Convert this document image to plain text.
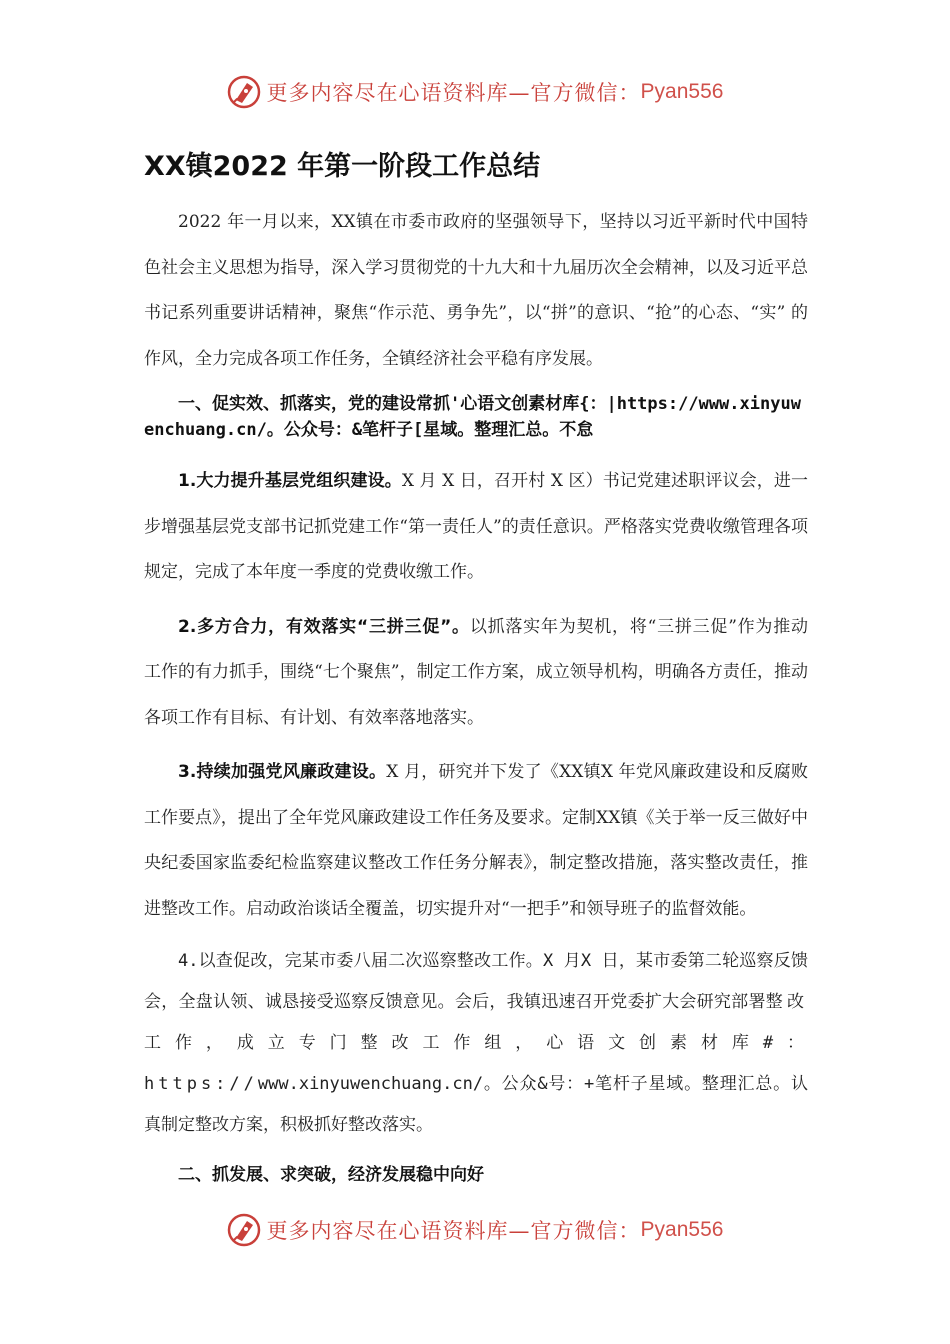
更多内容尽在心语资料库— 官方微信： Pyan556
XX镇2022 年第一阶段工作总结

2022 年一月以来，XX镇在市委市政府的坚强领导下，坚持以习近平新时代中国特色社会主义思想为指导，深入学习贯彻党的十九大和十九届历次全会精神，以及习近平总书记系列重要讲话精神，聚焦“作示范、勇争先”，以“拼”的意识、“抢”的心态、“实” 的作风，全力完成各项工作任务，全镇经济社会平稳有序发展。

一、促实效、抓落实，党的建设常抓'心语文创素材库{：|https://www.xinyuwenchuang.cn/。公众号：&笔杆子[星域。整理汇总。不怠

1.大力提升基层党组织建设。X 月 X 日，召开村 X 区）书记党建述职评议会，进一步增强基层党支部书记抓党建工作“第一责任人”的责任意识。严格落实党费收缴管理各项规定，完成了本年度一季度的党费收缴工作。

2.多方合力，有效落实“三拼三促”。以抓落实年为契机，将“三拼三促”作为推动　工作的有力抓手，围绕“七个聚焦”，制定工作方案，成立领导机构，明确各方责任，推动各项工作有目标、有计划、有效率落地落实。

3.持续加强党风廉政建设。X 月，研究并下发了《XX镇X 年党风廉政建设和反腐败工作要点》，提出了全年党风廉政建设工作任务及要求。定制XX镇《关于举一反三做好中央纪委国家监委纪检监察建议整改工作任务分解表》，制定整改措施，落实整改责任，推进整改工作。启动政治谈话全覆盖，切实提升对“一把手”和领导班子的监督效能。

4.以查促改，完某市委八届二次巡察整改工作。X 月X 日，某市委第二轮巡察反馈会，全盘认领、诚恳接受巡察反馈意见。会后，我镇迅速召开党委扩大会研究部署整改工作，成立专门整改工作组，心语文创素材库#：https://www.xinyuwenchuang.cn/。公众&号：+笔杆子星域。整理汇总。认真制定整改方案，积极抓好整改落实。

二、抓发展、求突破，经济发展稳中向好

更多内容尽在心语资料库— 官方微信： Pyan556
